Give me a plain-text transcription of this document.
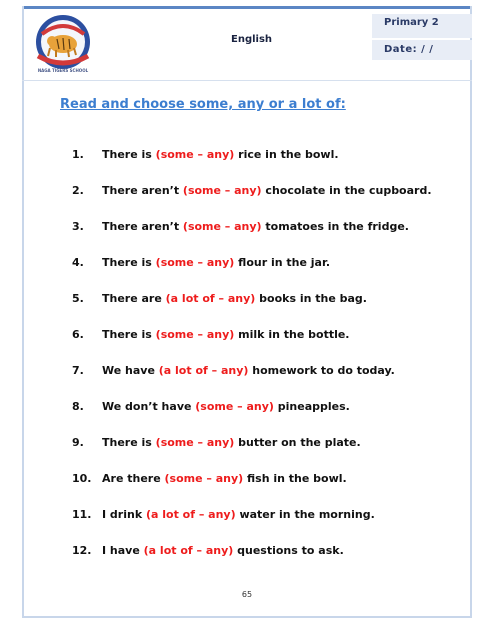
NAGA TIGERS SCHOOL
English
Primary 2
Date: / /
Read and choose some, any or a lot of:
1. There is (some – any) rice in the bowl.
2. There aren’t (some – any) chocolate in the cupboard.
3. There aren’t (some – any) tomatoes in the fridge.
4. There is (some – any) flour in the jar.
5. There are (a lot of – any) books in the bag.
6. There is (some – any) milk in the bottle.
7. We have (a lot of – any) homework to do today.
8. We don’t have (some – any) pineapples.
9. There is (some – any) butter on the plate.
10. Are there (some – any) fish in the bowl.
11. I drink (a lot of – any) water in the morning.
12. I have (a lot of – any) questions to ask.
65
